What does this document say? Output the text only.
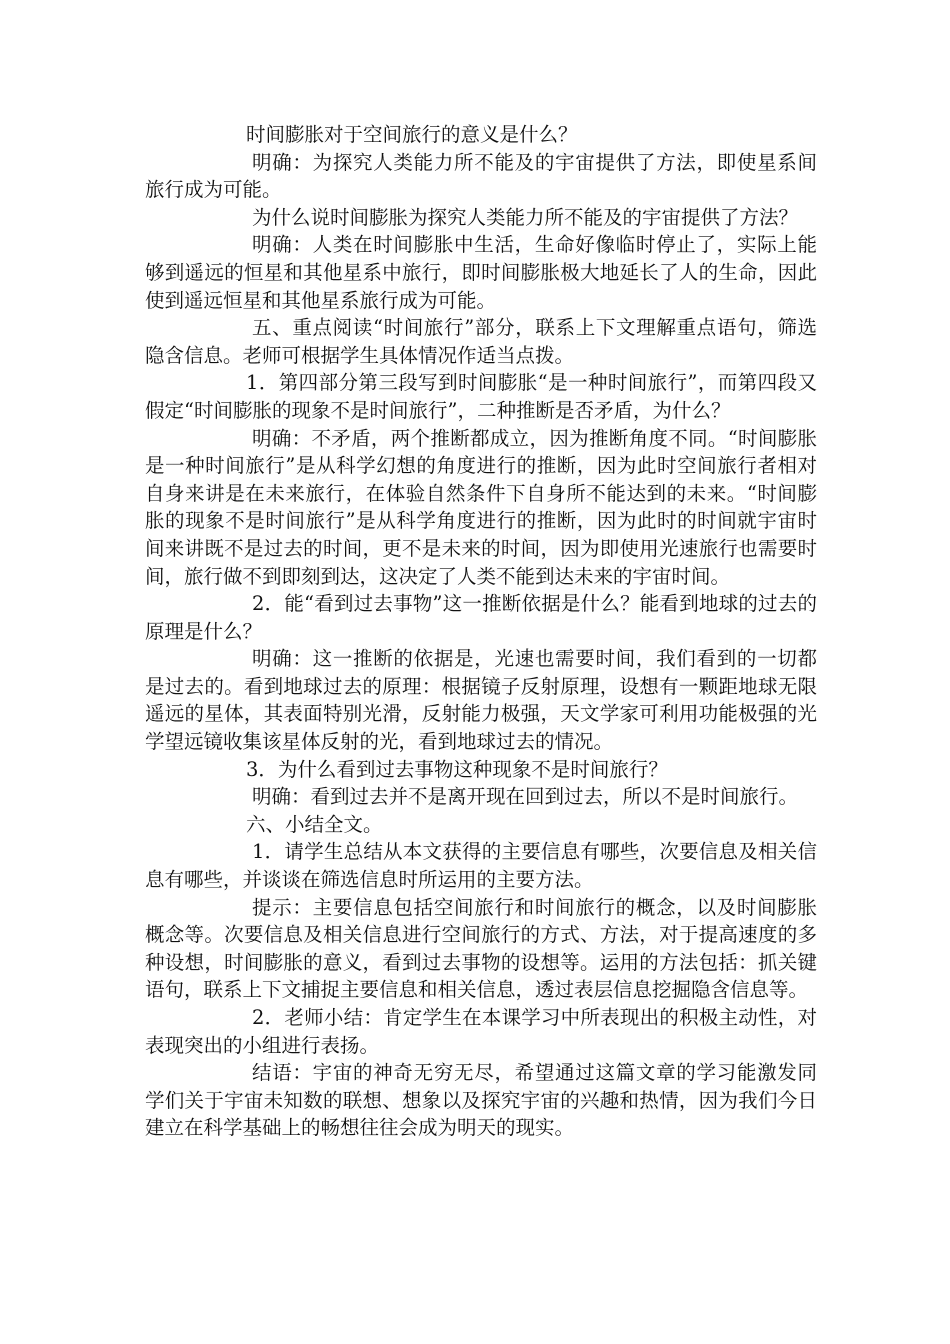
时间膨胀对于空间旅行的意义是什么？

明确：为探究人类能力所不能及的宇宙提供了方法，即使星系间旅行成为可能。

为什么说时间膨胀为探究人类能力所不能及的宇宙提供了方法？

明确：人类在时间膨胀中生活，生命好像临时停止了，实际上能够到遥远的恒星和其他星系中旅行，即时间膨胀极大地延长了人的生命，因此使到遥远恒星和其他星系旅行成为可能。

五、重点阅读“时间旅行”部分，联系上下文理解重点语句，筛选隐含信息。老师可根据学生具体情况作适当点拨。

1．第四部分第三段写到时间膨胀“是一种时间旅行”，而第四段又假定“时间膨胀的现象不是时间旅行”，二种推断是否矛盾，为什么？

明确：不矛盾，两个推断都成立，因为推断角度不同。“时间膨胀是一种时间旅行”是从科学幻想的角度进行的推断，因为此时空间旅行者相对自身来讲是在未来旅行，在体验自然条件下自身所不能达到的未来。“时间膨胀的现象不是时间旅行”是从科学角度进行的推断，因为此时的时间就宇宙时间来讲既不是过去的时间，更不是未来的时间，因为即使用光速旅行也需要时间，旅行做不到即刻到达，这决定了人类不能到达未来的宇宙时间。

2．能“看到过去事物”这一推断依据是什么？能看到地球的过去的原理是什么？

明确：这一推断的依据是，光速也需要时间，我们看到的一切都是过去的。看到地球过去的原理：根据镜子反射原理，设想有一颗距地球无限遥远的星体，其表面特别光滑，反射能力极强，天文学家可利用功能极强的光学望远镜收集该星体反射的光，看到地球过去的情况。

3．为什么看到过去事物这种现象不是时间旅行？

明确：看到过去并不是离开现在回到过去，所以不是时间旅行。

六、小结全文。

1．请学生总结从本文获得的主要信息有哪些，次要信息及相关信息有哪些，并谈谈在筛选信息时所运用的主要方法。

提示：主要信息包括空间旅行和时间旅行的概念，以及时间膨胀概念等。次要信息及相关信息进行空间旅行的方式、方法，对于提高速度的多种设想，时间膨胀的意义，看到过去事物的设想等。运用的方法包括：抓关键语句，联系上下文捕捉主要信息和相关信息，透过表层信息挖掘隐含信息等。

2．老师小结：肯定学生在本课学习中所表现出的积极主动性，对表现突出的小组进行表扬。

结语：宇宙的神奇无穷无尽，希望通过这篇文章的学习能激发同学们关于宇宙未知数的联想、想象以及探究宇宙的兴趣和热情，因为我们今日建立在科学基础上的畅想往往会成为明天的现实。
